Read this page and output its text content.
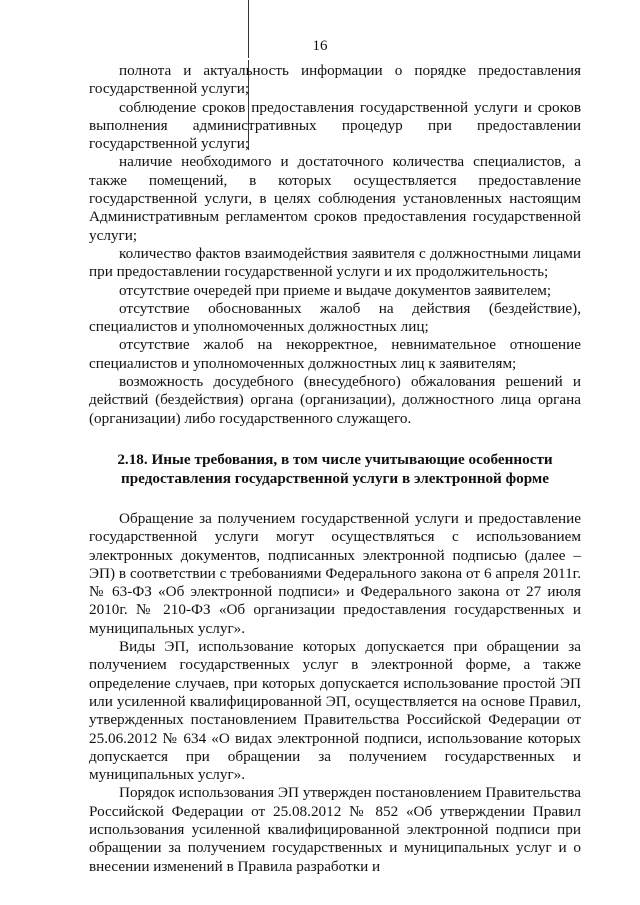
16

полнота и актуальность информации о порядке предоставления государственной услуги;

соблюдение сроков предоставления государственной услуги и сроков выполнения административных процедур при предоставлении государственной услуги;

наличие необходимого и достаточного количества специалистов, а также помещений, в которых осуществляется предоставление государственной услуги, в целях соблюдения установленных настоящим Административным регламентом сроков предоставления государственной услуги;

количество фактов взаимодействия заявителя с должностными лицами при предоставлении государственной услуги и их продолжительность;

отсутствие очередей при приеме и выдаче документов заявителем;

отсутствие обоснованных жалоб на действия (бездействие), специалистов и уполномоченных должностных лиц;

отсутствие жалоб на некорректное, невнимательное отношение специалистов и уполномоченных должностных лиц к заявителям;

возможность досудебного (внесудебного) обжалования решений и действий (бездействия) органа (организации), должностного лица органа (организации) либо государственного служащего.

2.18. Иные требования, в том числе учитывающие особенности предоставления государственной услуги в электронной форме

Обращение за получением государственной услуги и предоставление государственной услуги могут осуществляться с использованием электронных документов, подписанных электронной подписью (далее – ЭП) в соответствии с требованиями Федерального закона от 6 апреля 2011г. № 63-ФЗ «Об электронной подписи» и Федерального закона от 27 июля 2010г. № 210-ФЗ «Об организации предоставления государственных и муниципальных услуг».

Виды ЭП, использование которых допускается при обращении за получением государственных услуг в электронной форме, а также определение случаев, при которых допускается использование простой ЭП или усиленной квалифицированной ЭП, осуществляется на основе Правил, утвержденных постановлением Правительства Российской Федерации от 25.06.2012 № 634 «О видах электронной подписи, использование которых допускается при обращении за получением государственных и муниципальных услуг».

Порядок использования ЭП утвержден постановлением Правительства Российской Федерации от 25.08.2012 № 852 «Об утверждении Правил использования усиленной квалифицированной электронной подписи при обращении за получением государственных и муниципальных услуг и о внесении изменений в Правила разработки и
